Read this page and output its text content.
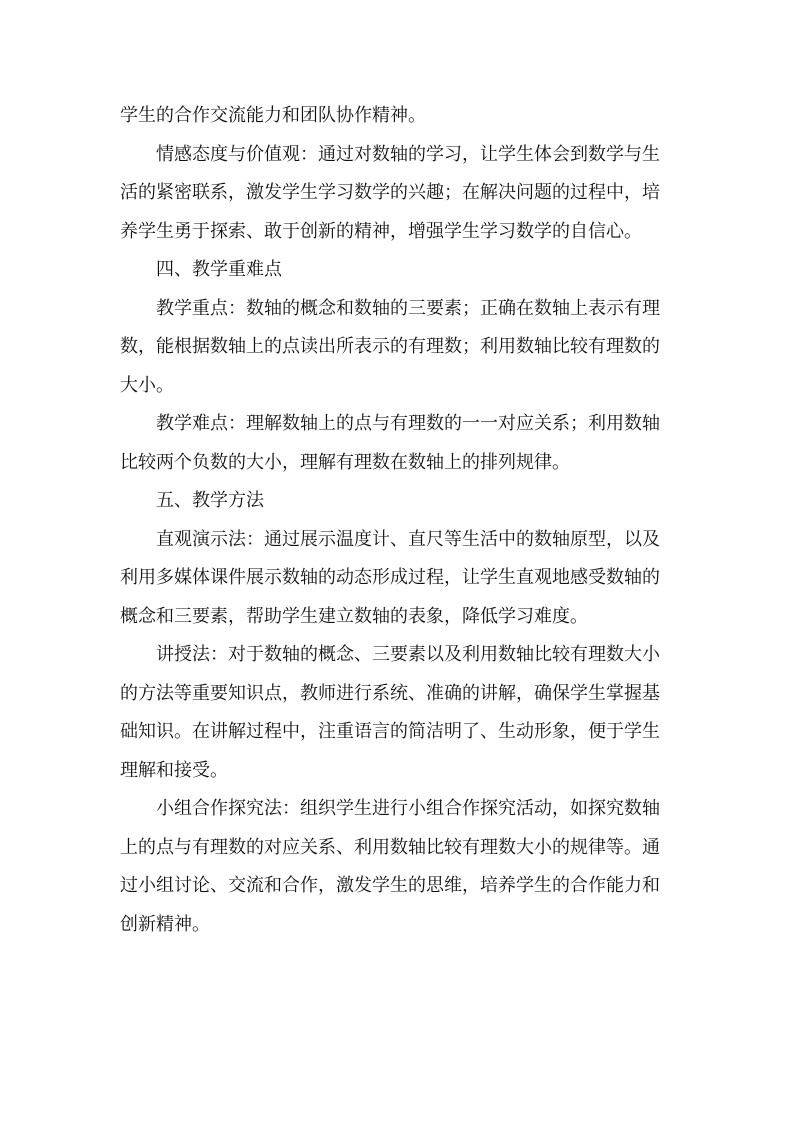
学生的合作交流能力和团队协作精神。
情感态度与价值观：通过对数轴的学习，让学生体会到数学与生
活的紧密联系，激发学生学习数学的兴趣；在解决问题的过程中，培
养学生勇于探索、敢于创新的精神，增强学生学习数学的自信心。
四、教学重难点
教学重点：数轴的概念和数轴的三要素；正确在数轴上表示有理
数，能根据数轴上的点读出所表示的有理数；利用数轴比较有理数的
大小。
教学难点：理解数轴上的点与有理数的一一对应关系；利用数轴
比较两个负数的大小，理解有理数在数轴上的排列规律。
五、教学方法
直观演示法：通过展示温度计、直尺等生活中的数轴原型，以及
利用多媒体课件展示数轴的动态形成过程，让学生直观地感受数轴的
概念和三要素，帮助学生建立数轴的表象，降低学习难度。
讲授法：对于数轴的概念、三要素以及利用数轴比较有理数大小
的方法等重要知识点，教师进行系统、准确的讲解，确保学生掌握基
础知识。在讲解过程中，注重语言的简洁明了、生动形象，便于学生
理解和接受。
小组合作探究法：组织学生进行小组合作探究活动，如探究数轴
上的点与有理数的对应关系、利用数轴比较有理数大小的规律等。通
过小组讨论、交流和合作，激发学生的思维，培养学生的合作能力和
创新精神。
